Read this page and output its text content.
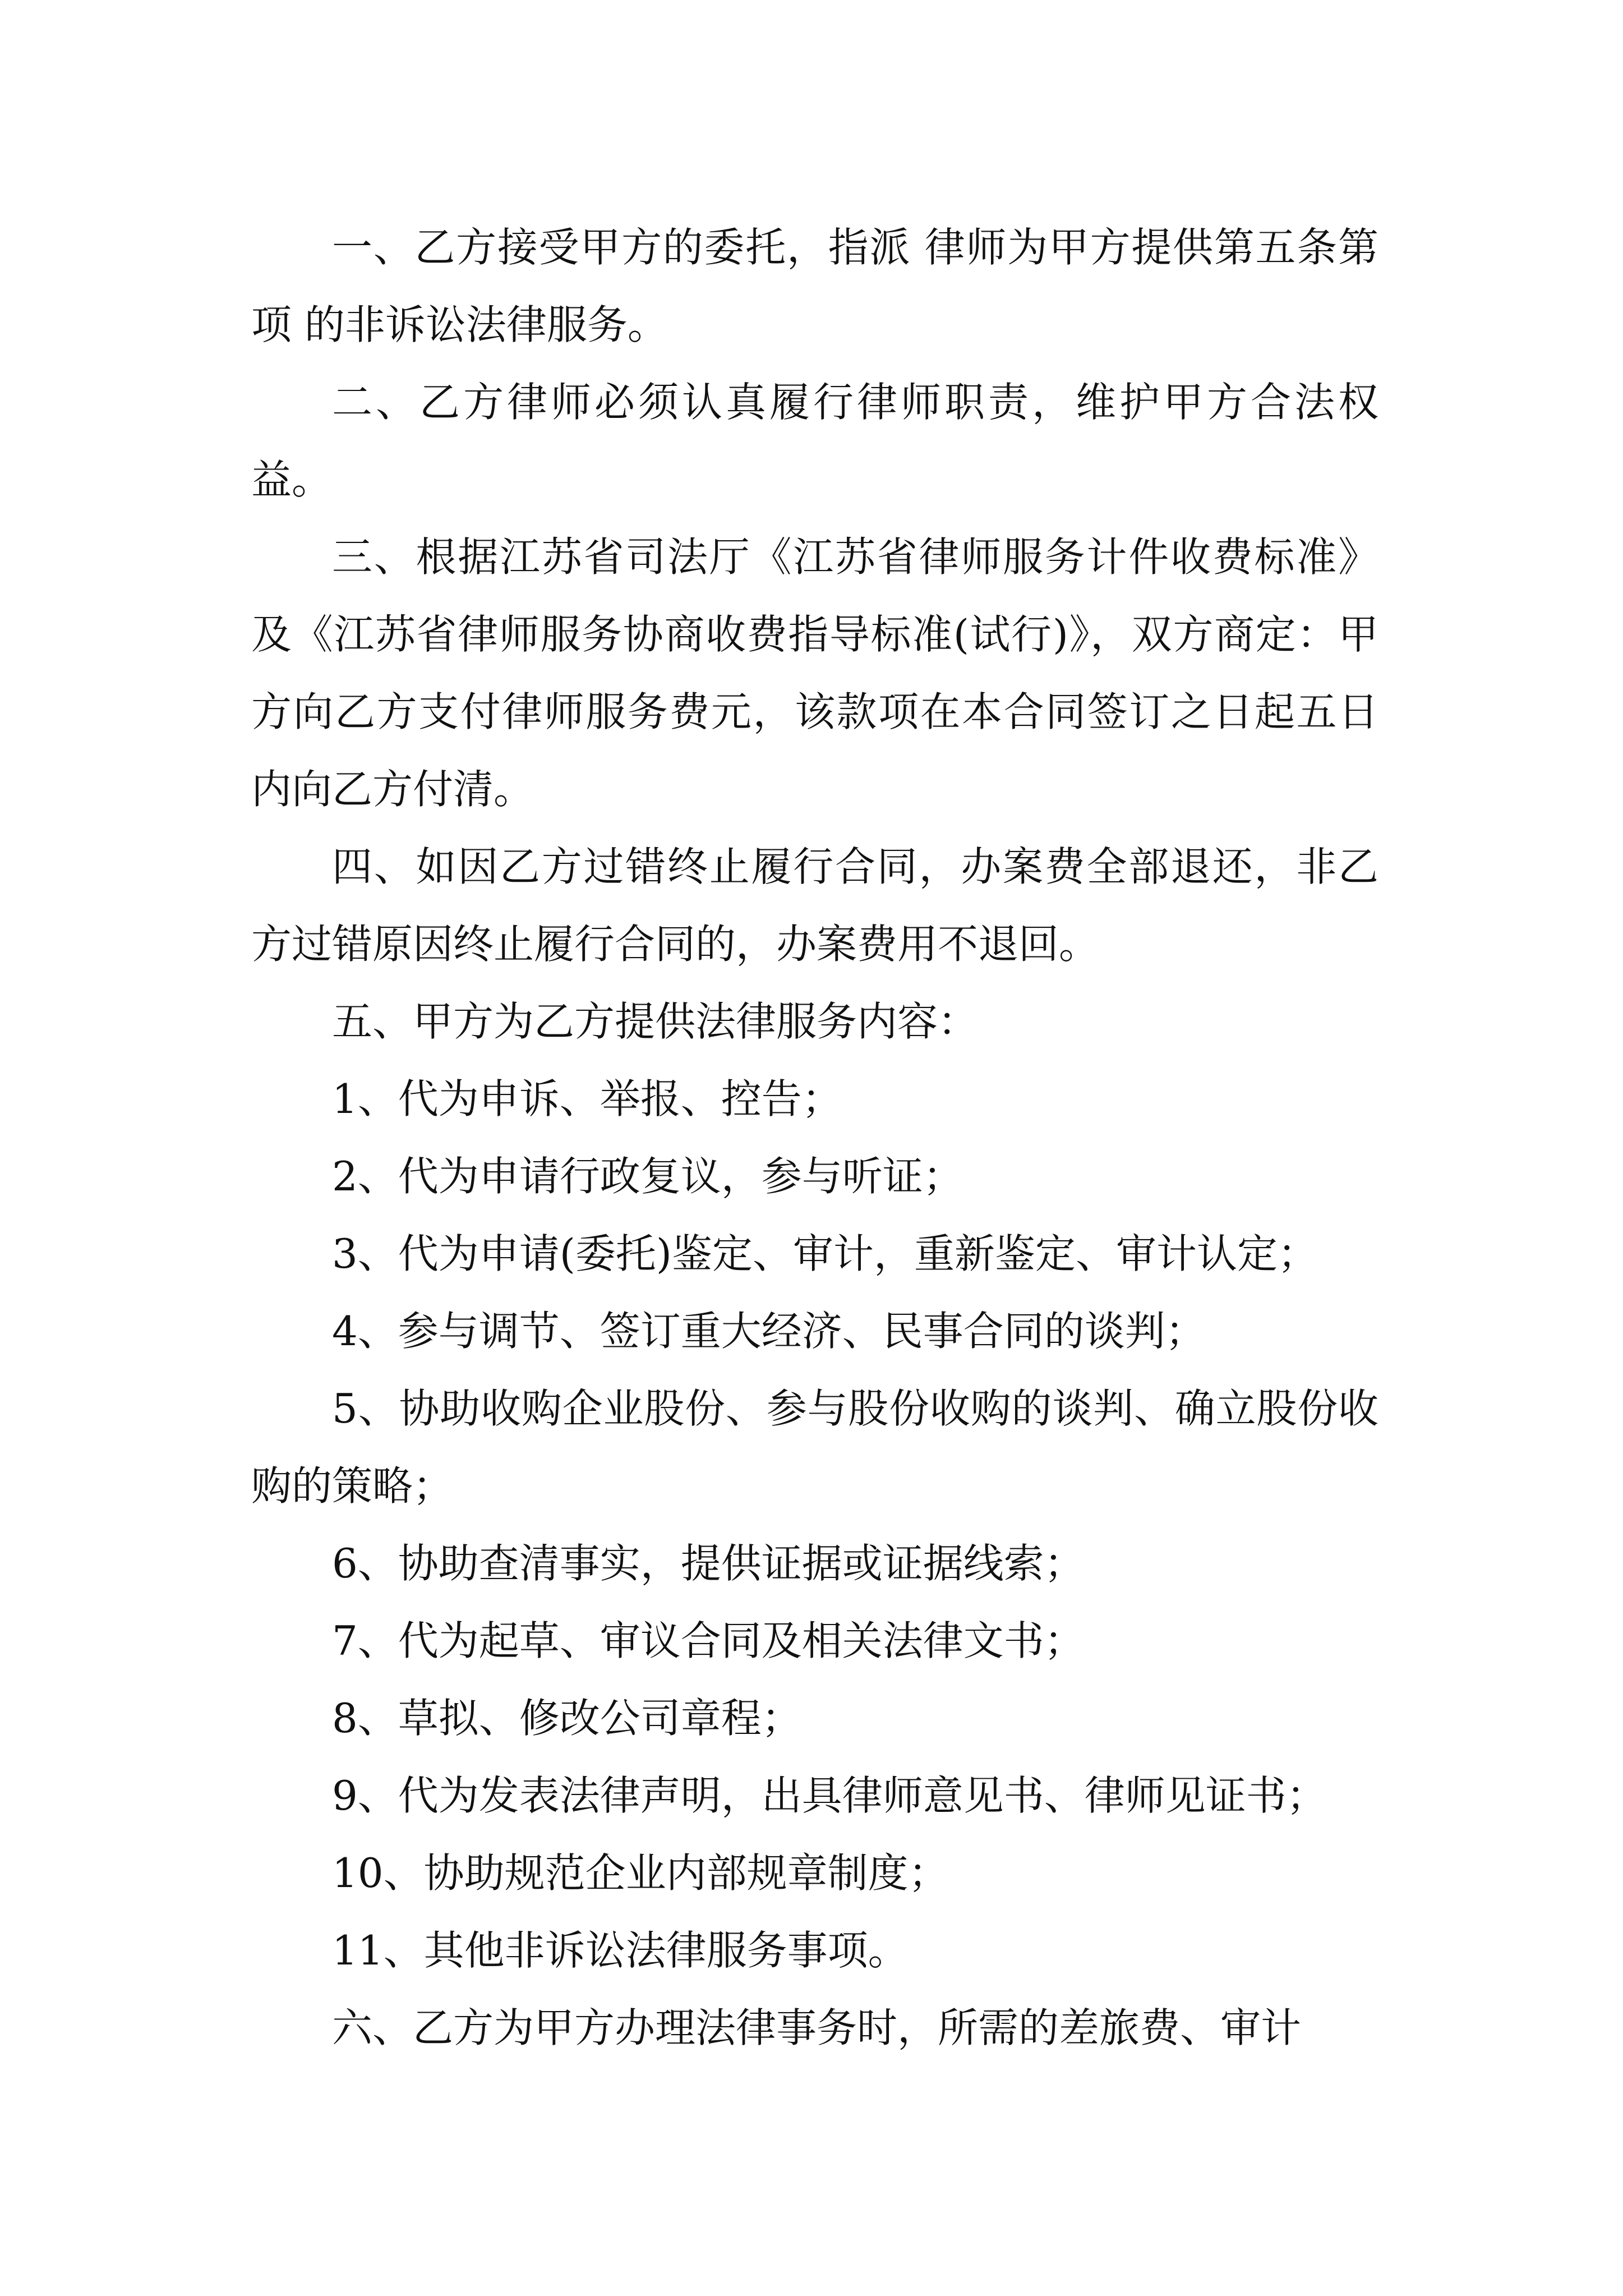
一、乙方接受甲方的委托，指派 律师为甲方提供第五条第 项 的非诉讼法律服务。

二、乙方律师必须认真履行律师职责，维护甲方合法权益。

三、根据江苏省司法厅《江苏省律师服务计件收费标准》及《江苏省律师服务协商收费指导标准(试行)》，双方商定：甲方向乙方支付律师服务费元，该款项在本合同签订之日起五日内向乙方付清。

四、如因乙方过错终止履行合同，办案费全部退还，非乙方过错原因终止履行合同的，办案费用不退回。

五、甲方为乙方提供法律服务内容：

1、代为申诉、举报、控告；

2、代为申请行政复议，参与听证；

3、代为申请(委托)鉴定、审计，重新鉴定、审计认定；

4、参与调节、签订重大经济、民事合同的谈判；

5、协助收购企业股份、参与股份收购的谈判、确立股份收购的策略；

6、协助查清事实，提供证据或证据线索；

7、代为起草、审议合同及相关法律文书；

8、草拟、修改公司章程；

9、代为发表法律声明，出具律师意见书、律师见证书；

10、协助规范企业内部规章制度；

11、其他非诉讼法律服务事项。

六、乙方为甲方办理法律事务时，所需的差旅费、审计
